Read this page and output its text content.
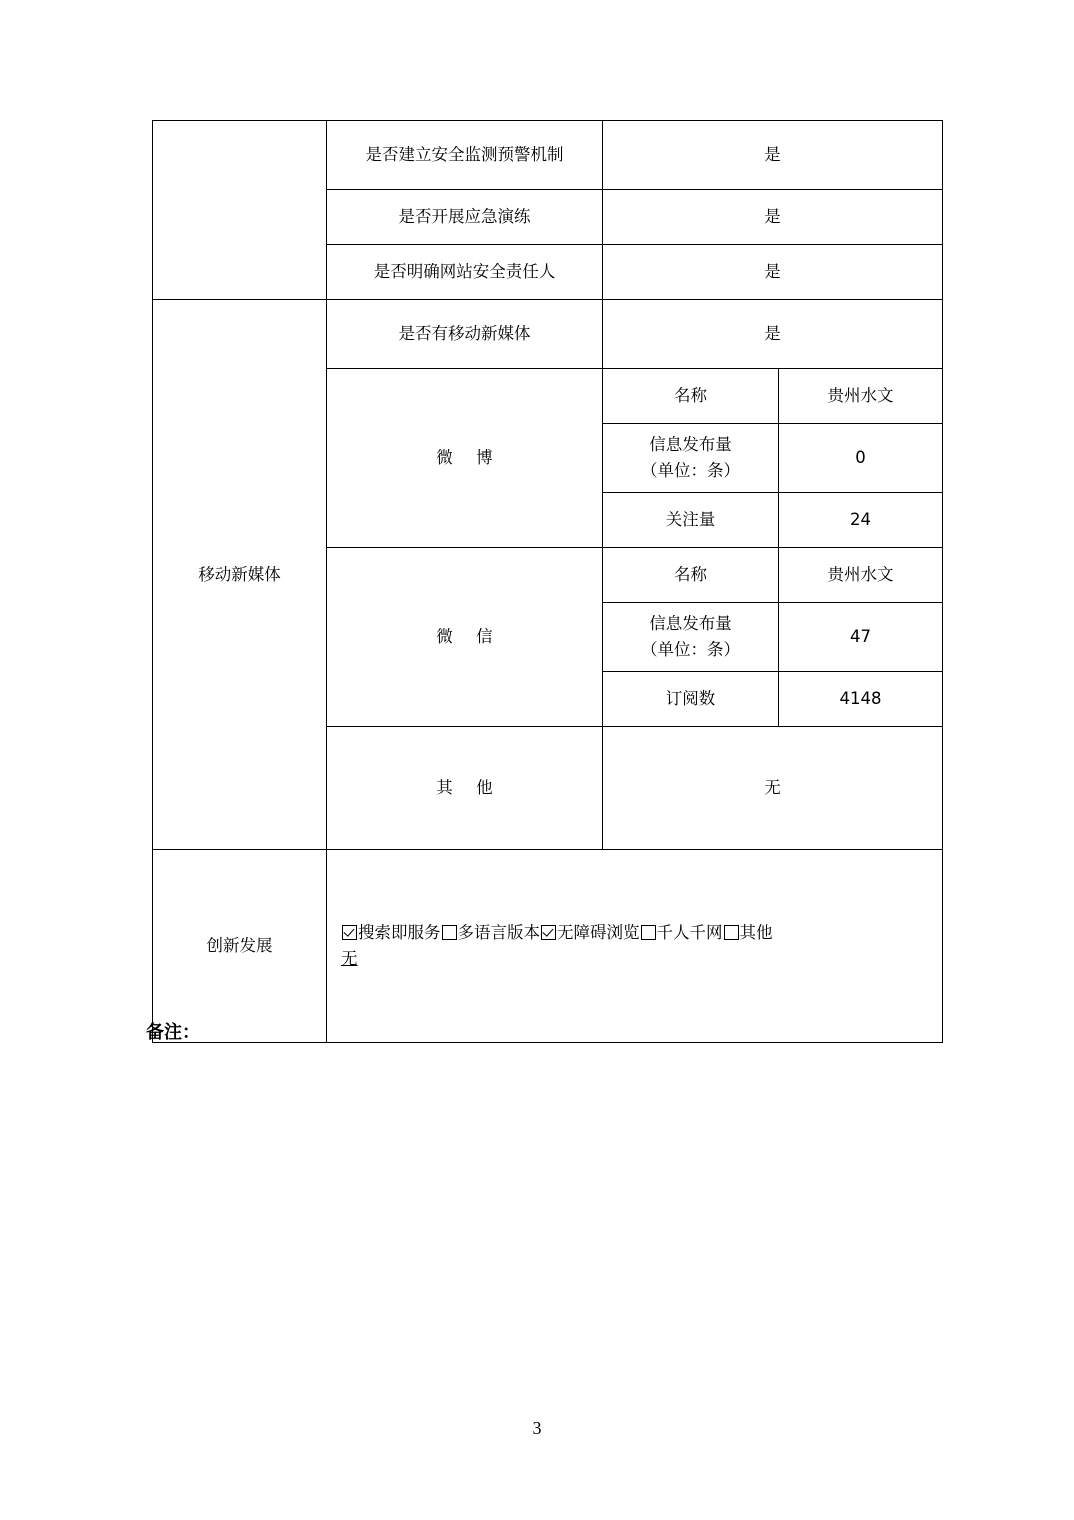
	是否建立安全监测预警机制	是	
	是否开展应急演练	是	
	是否明确网站安全责任人	是	
移动新媒体	是否有移动新媒体	是	
	微 博	名称	贵州水文

		信息发布量
（单位：条）	0
		关注量	24
	微 信	名称	贵州水文

		信息发布量
（单位：条）	47
		订阅数	4148
	其 他	无	
创新发展	搜索即服务 多语言版本 无障碍浏览 千人千网 其他
无		
备注：
3
